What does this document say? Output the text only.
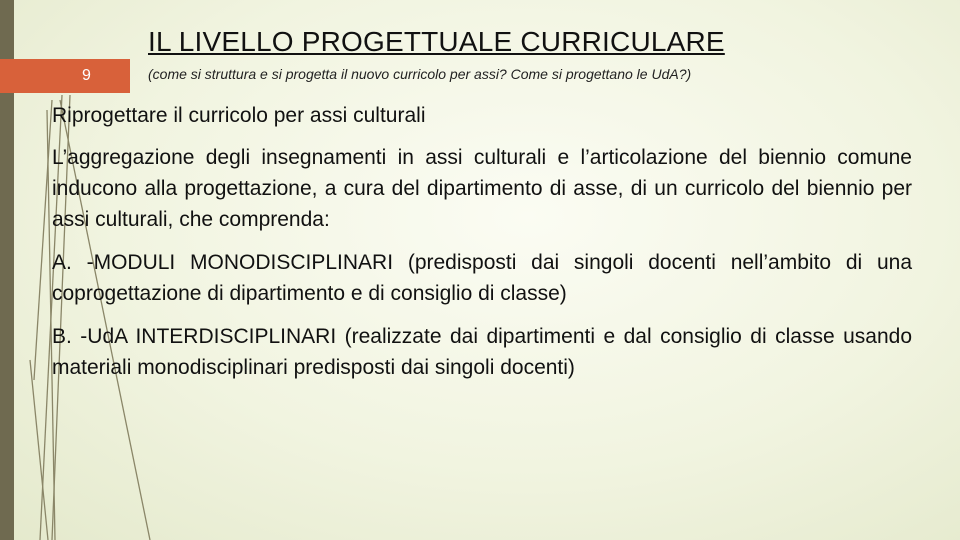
9
IL LIVELLO PROGETTUALE CURRICULARE

(come si struttura e si progetta il nuovo curricolo per assi? Come si progettano le UdA?)

Riprogettare il curricolo per assi culturali

L’aggregazione degli insegnamenti in assi culturali e l’articolazione del biennio comune inducono alla progettazione, a cura del dipartimento di asse, di un curricolo del biennio per assi culturali, che comprenda:

A. -MODULI MONODISCIPLINARI (predisposti dai singoli docenti nell’ambito di una coprogettazione di dipartimento e di consiglio di classe)

B. -UdA INTERDISCIPLINARI (realizzate dai dipartimenti e dal consiglio di classe usando materiali monodisciplinari predisposti dai singoli docenti)
